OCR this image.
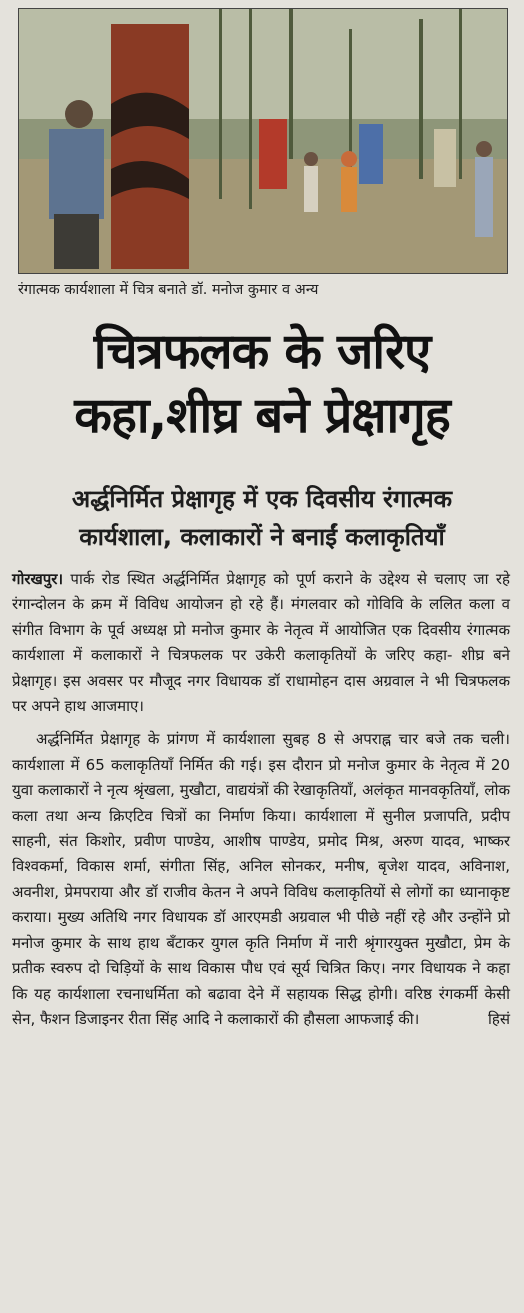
रंगात्मक कार्यशाला में चित्र बनाते डॉ. मनोज कुमार व अन्य
चित्रफलक के जरिए
कहा,शीघ्र बने प्रेक्षागृह
अर्द्धनिर्मित प्रेक्षागृह में एक दिवसीय रंगात्मक
कार्यशाला, कलाकारों ने बनाईं कलाकृतियाँ

गोरखपुर। पार्क रोड स्थित अर्द्धनिर्मित प्रेक्षागृह को पूर्ण कराने के उद्देश्य से चलाए जा रहे रंगान्दोलन के क्रम में विविध आयोजन हो रहे हैं। मंगलवार को गोविवि के ललित कला व संगीत विभाग के पूर्व अध्यक्ष प्रो मनोज कुमार के नेतृत्व में आयोजित एक दिवसीय रंगात्मक कार्यशाला में कलाकारों ने चित्रफलक पर उकेरी कलाकृतियों के जरिए कहा- शीघ्र बने प्रेक्षागृह। इस अवसर पर मौजूद नगर विधायक डॉ राधामोहन दास अग्रवाल ने भी चित्रफलक पर अपने हाथ आजमाए।

अर्द्धनिर्मित प्रेक्षागृह के प्रांगण में कार्यशाला सुबह 8 से अपराह्न चार बजे तक चली। कार्यशाला में 65 कलाकृतियाँ निर्मित की गई। इस दौरान प्रो मनोज कुमार के नेतृत्व में 20 युवा कलाकारों ने नृत्य श्रृंखला, मुखौटा, वाद्ययंत्रों की रेखाकृतियाँ, अलंकृत मानवकृतियाँ, लोक कला तथा अन्य क्रिएटिव चित्रों का निर्माण किया। कार्यशाला में सुनील प्रजापति, प्रदीप साहनी, संत किशोर, प्रवीण पाण्डेय, आशीष पाण्डेय, प्रमोद मिश्र, अरुण यादव, भाष्कर विश्वकर्मा, विकास शर्मा, संगीता सिंह, अनिल सोनकर, मनीष, बृजेश यादव, अविनाश, अवनीश, प्रेमपराया और डॉ राजीव केतन ने अपने विविध कलाकृतियों से लोगों का ध्यानाकृष्ट कराया। मुख्य अतिथि नगर विधायक डॉ आरएमडी अग्रवाल भी पीछे नहीं रहे और उन्होंने प्रो मनोज कुमार के साथ हाथ बँटाकर युगल कृति निर्माण में नारी श्रृंगारयुक्त मुखौटा, प्रेम के प्रतीक स्वरुप दो चिड़ियों के साथ विकास पौध एवं सूर्य चित्रित किए। नगर विधायक ने कहा कि यह कार्यशाला रचनाधर्मिता को बढावा देने में सहायक सिद्ध होगी। वरिष्ठ रंगकर्मी केसी सेन, फैशन डिजाइनर रीता सिंह आदि ने कलाकारों की हौसला आफजाई की।	हिसं
